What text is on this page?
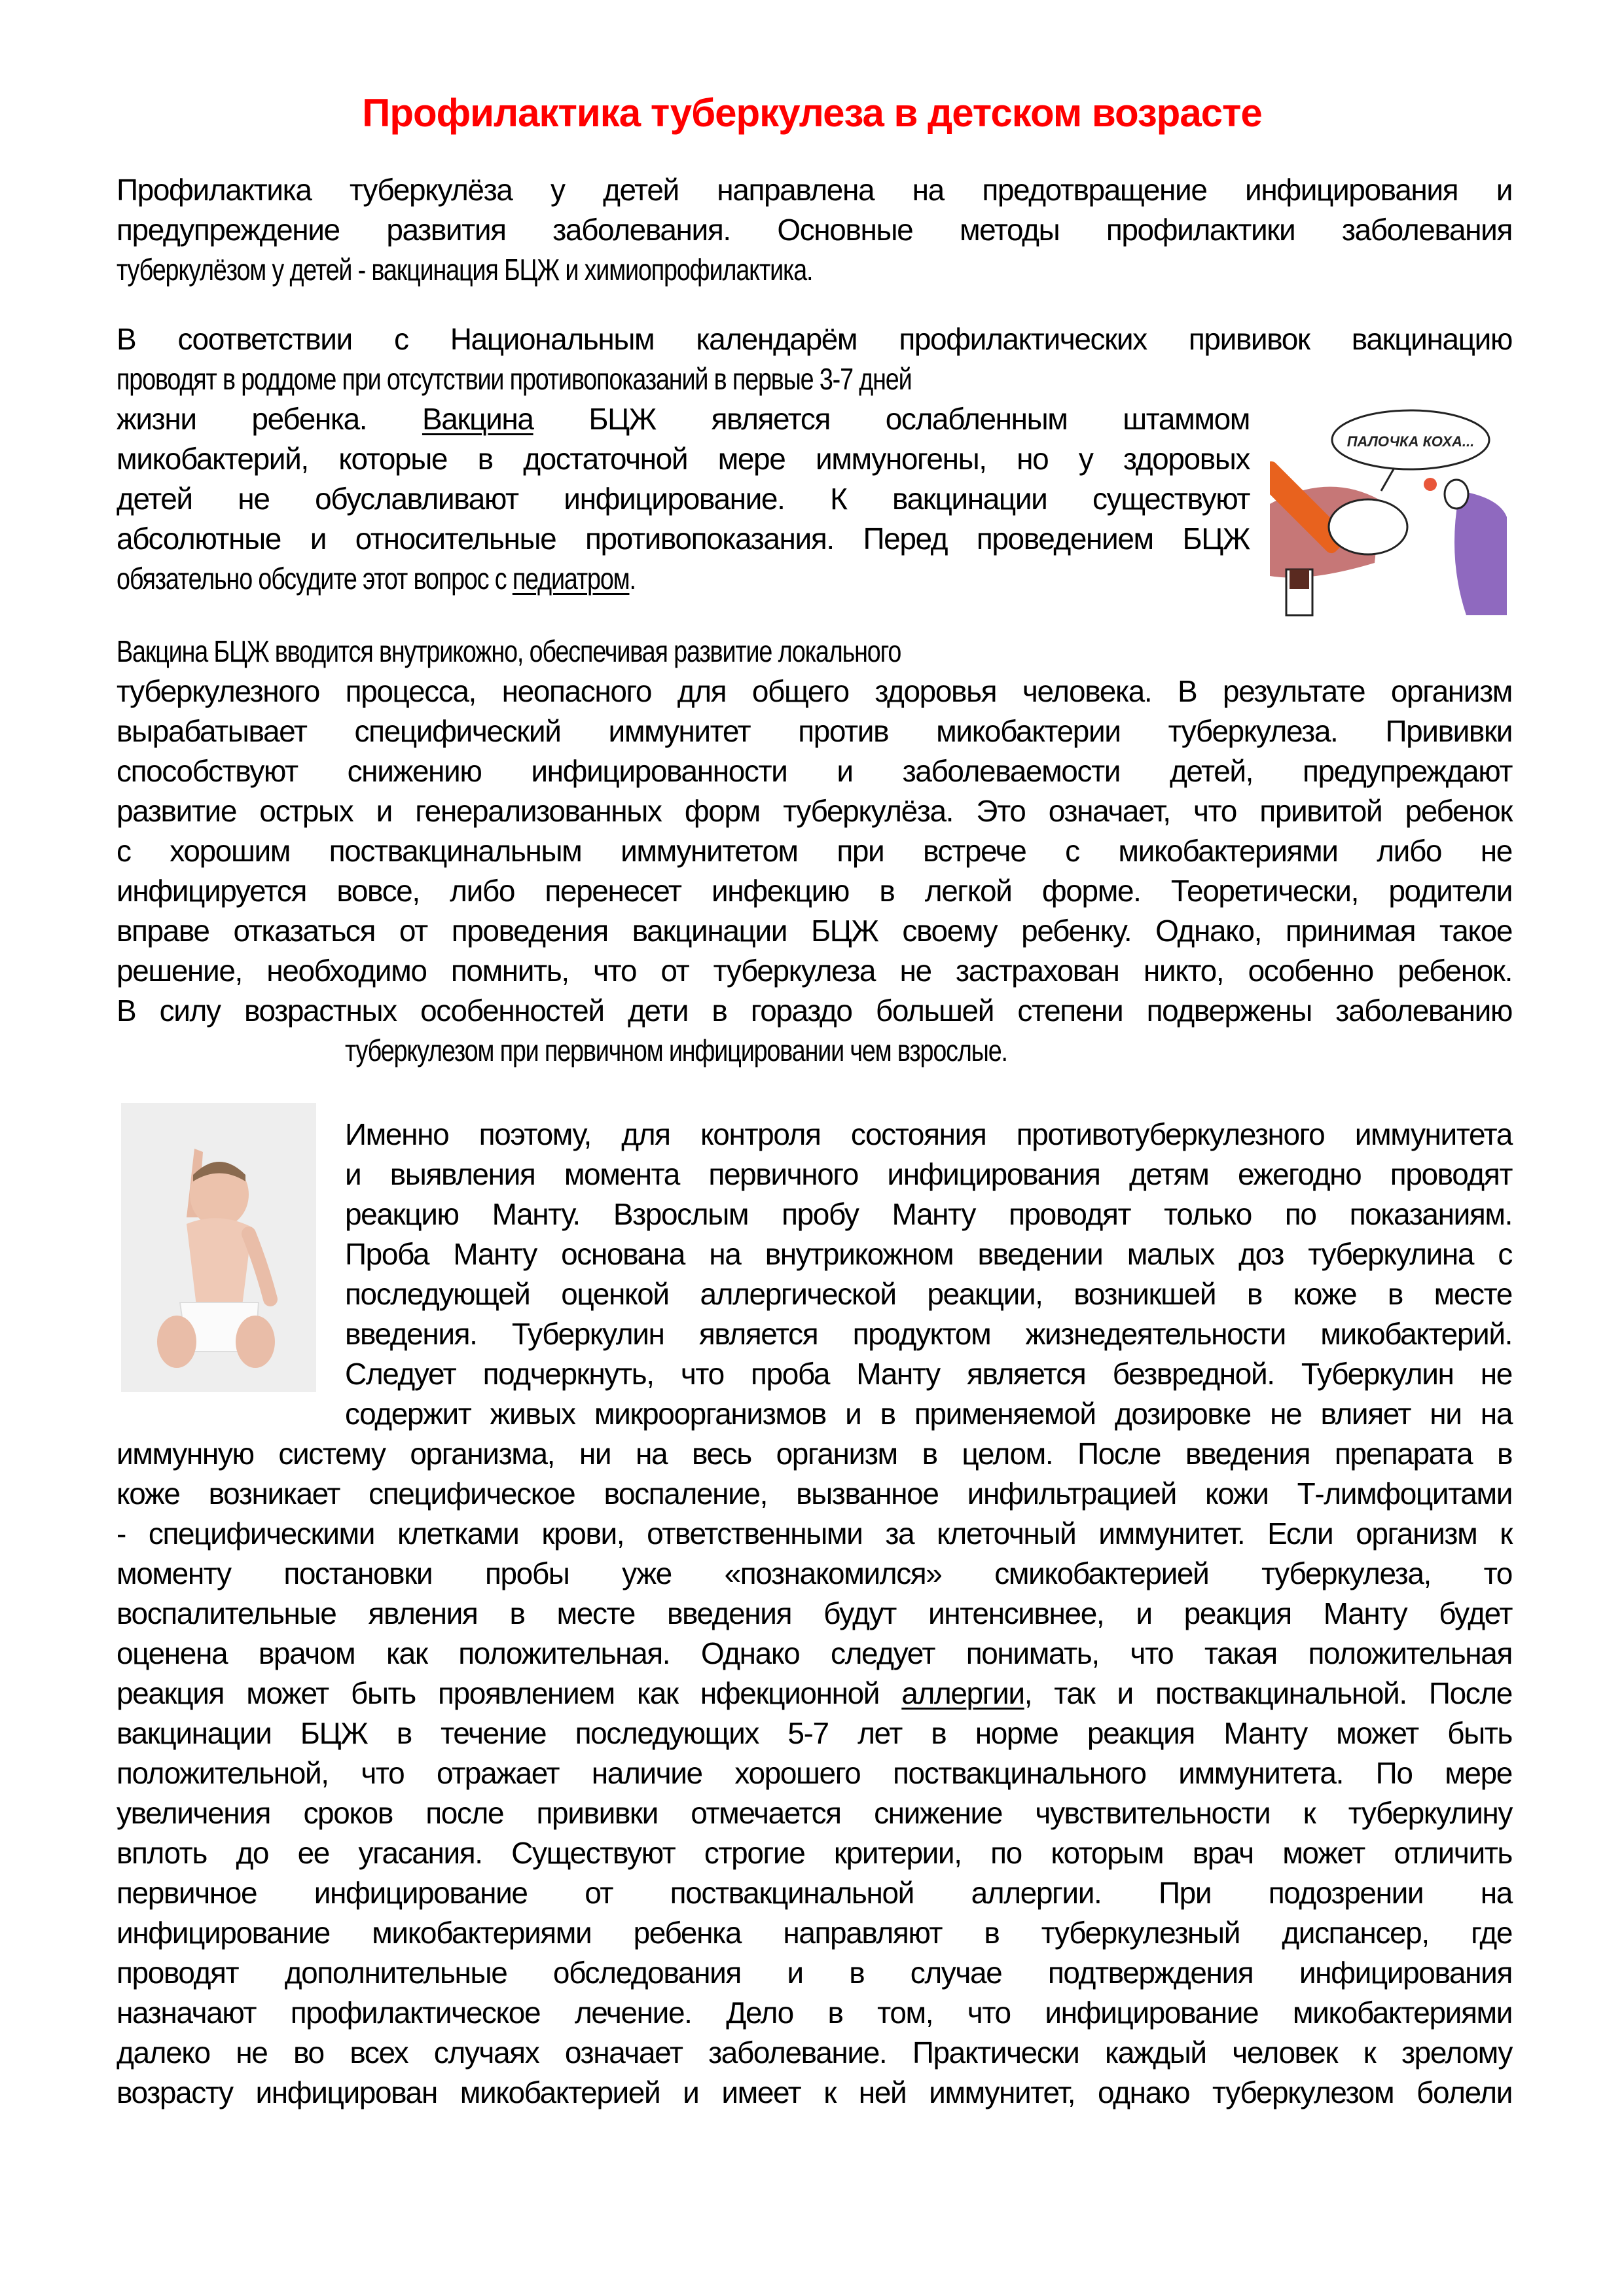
Профилактика туберкулеза в детском возрасте
Профилактика туберкулёза у детей направлена на предотвращение инфицирования и
предупреждение развития заболевания. Основные методы профилактики заболевания
туберкулёзом у детей - вакцинация БЦЖ и химиопрофилактика.
В соответствии с Национальным календарём профилактических прививок вакцинацию
проводят в роддоме при отсутствии противопоказаний в первые 3-7 дней
жизни ребенка. Вакцина БЦЖ является ослабленным штаммом
микобактерий, которые в достаточной мере иммуногены, но у здоровых
детей не обуславливают инфицирование. К вакцинации существуют
абсолютные и относительные противопоказания. Перед проведением БЦЖ
обязательно обсудите этот вопрос с педиатром.
ПАЛОЧКА КОХА...
Вакцина БЦЖ вводится внутрикожно, обеспечивая развитие локального
туберкулезного процесса, неопасного для общего здоровья человека. В результате организм
вырабатывает специфический иммунитет против микобактерии туберкулеза. Прививки
способствуют снижению инфицированности и заболеваемости детей, предупреждают
развитие острых и генерализованных форм туберкулёза. Это означает, что привитой ребенок
с хорошим поствакцинальным иммунитетом при встрече с микобактериями либо не
инфицируется вовсе, либо перенесет инфекцию в легкой форме. Теоретически, родители
вправе отказаться от проведения вакцинации БЦЖ своему ребенку. Однако, принимая такое
решение, необходимо помнить, что от туберкулеза не застрахован никто, особенно ребенок.
В силу возрастных особенностей дети в гораздо большей степени подвержены заболеванию
туберкулезом при первичном инфицировании чем взрослые.
Именно поэтому, для контроля состояния противотуберкулезного иммунитета
и выявления момента первичного инфицирования детям ежегодно проводят
реакцию Манту. Взрослым пробу Манту проводят только по показаниям.
Проба Манту основана на внутрикожном введении малых доз туберкулина с
последующей оценкой аллергической реакции, возникшей в коже в месте
введения. Туберкулин является продуктом жизнедеятельности микобактерий.
Следует подчеркнуть, что проба Манту является безвредной. Туберкулин не
содержит живых микроорганизмов и в применяемой дозировке не влияет ни на
иммунную систему организма, ни на весь организм в целом. После введения препарата в
коже возникает специфическое воспаление, вызванное инфильтрацией кожи Т-лимфоцитами
- специфическими клетками крови, ответственными за клеточный иммунитет. Если организм к
моменту постановки пробы уже «познакомился» смикобактерией туберкулеза, то
воспалительные явления в месте введения будут интенсивнее, и реакция Манту будет
оценена врачом как положительная. Однако следует понимать, что такая положительная
реакция может быть проявлением как нфекционной аллергии, так и поствакцинальной. После
вакцинации БЦЖ в течение последующих 5-7 лет в норме реакция Манту может быть
положительной, что отражает наличие хорошего поствакцинального иммунитета. По мере
увеличения сроков после прививки отмечается снижение чувствительности к туберкулину
вплоть до ее угасания. Существуют строгие критерии, по которым врач может отличить
первичное инфицирование от поствакцинальной аллергии. При подозрении на
инфицирование микобактериями ребенка направляют в туберкулезный диспансер, где
проводят дополнительные обследования и в случае подтверждения инфицирования
назначают профилактическое лечение. Дело в том, что инфицирование микобактериями
далеко не во всех случаях означает заболевание. Практически каждый человек к зрелому
возрасту инфицирован микобактерией и имеет к ней иммунитет, однако туберкулезом болели
